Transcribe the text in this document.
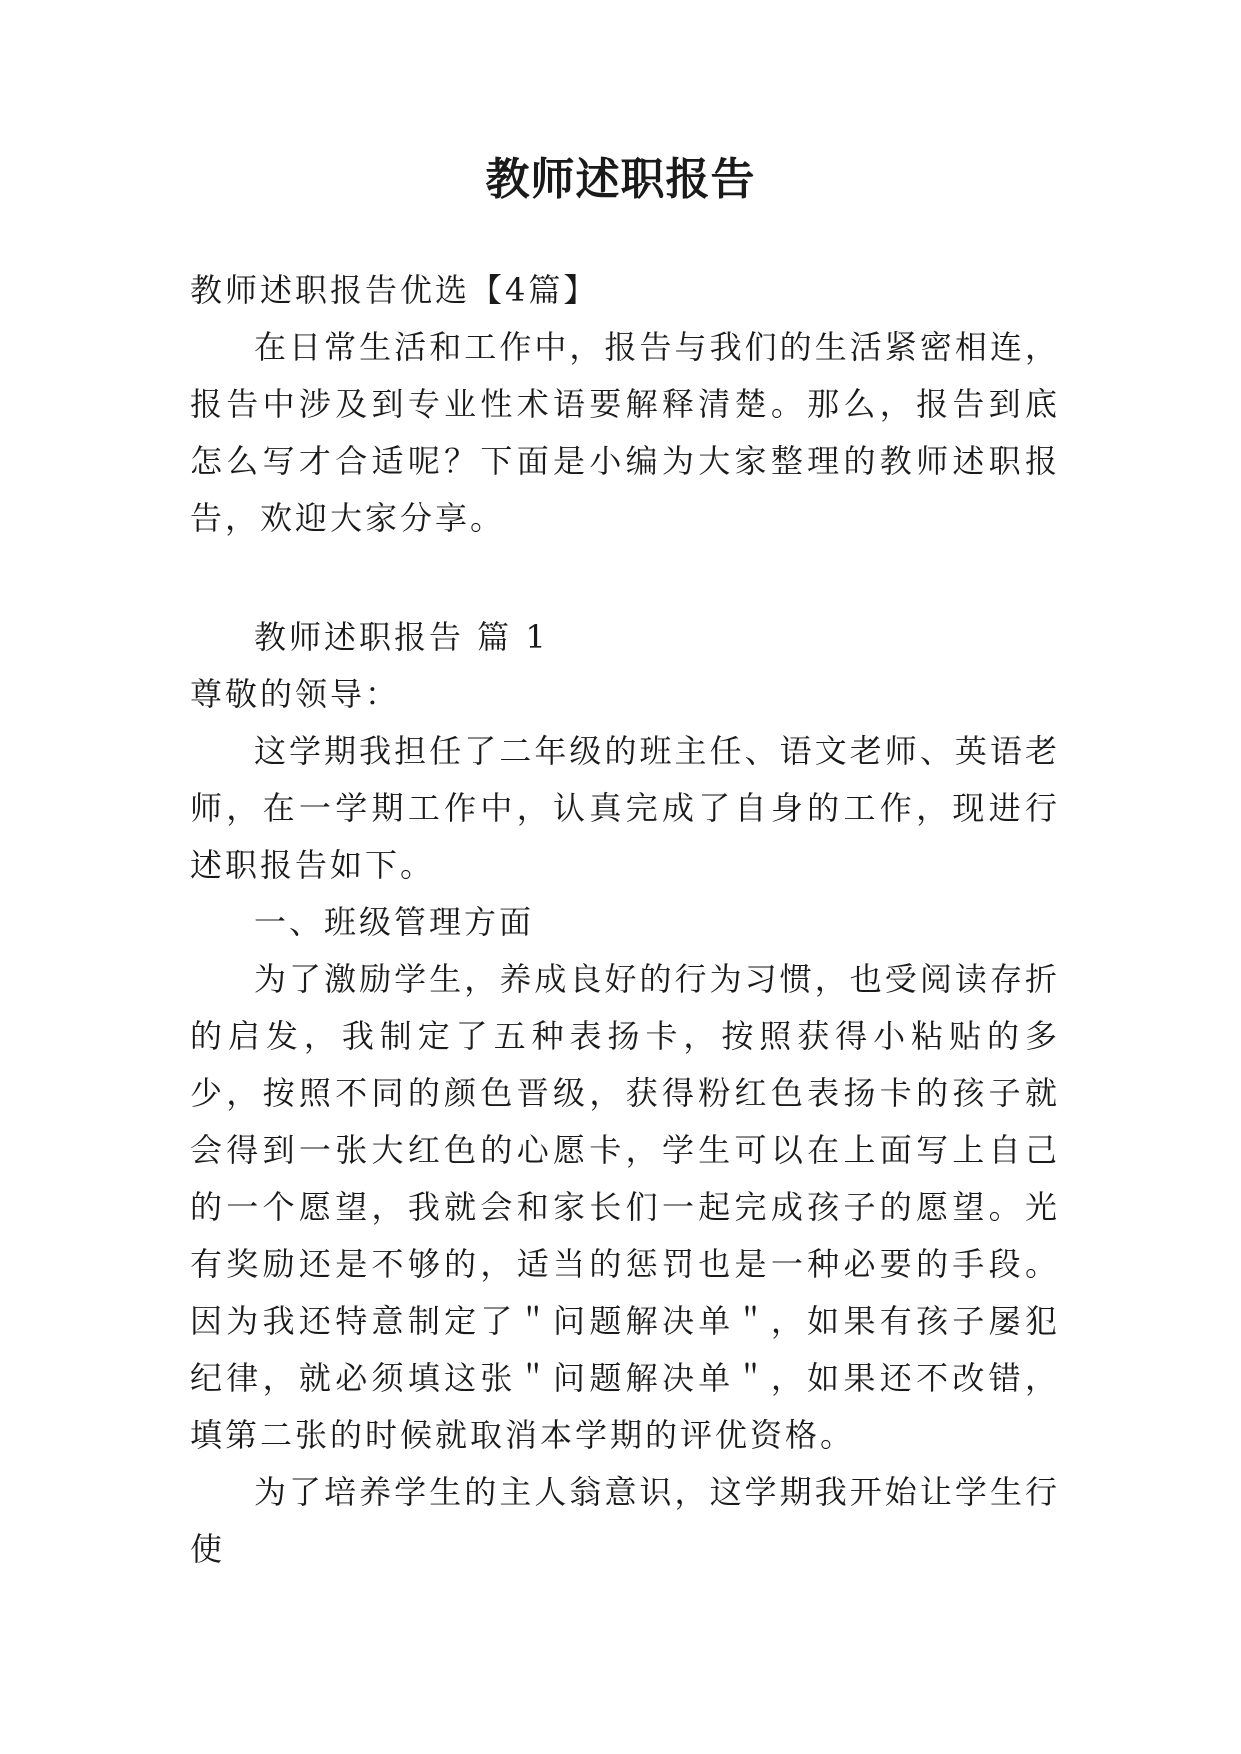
教师述职报告

教师述职报告优选【4篇】

在日常生活和工作中，报告与我们的生活紧密相连，报告中涉及到专业性术语要解释清楚。那么，报告到底怎么写才合适呢？下面是小编为大家整理的教师述职报告，欢迎大家分享。

教师述职报告 篇 1

尊敬的领导：

这学期我担任了二年级的班主任、语文老师、英语老师，在一学期工作中，认真完成了自身的工作，现进行述职报告如下。

一、班级管理方面

为了激励学生，养成良好的行为习惯，也受阅读存折的启发，我制定了五种表扬卡，按照获得小粘贴的多少，按照不同的颜色晋级，获得粉红色表扬卡的孩子就会得到一张大红色的心愿卡，学生可以在上面写上自己的一个愿望，我就会和家长们一起完成孩子的愿望。光有奖励还是不够的，适当的惩罚也是一种必要的手段。因为我还特意制定了＂问题解决单＂，如果有孩子屡犯纪律，就必须填这张＂问题解决单＂，如果还不改错，填第二张的时候就取消本学期的评优资格。

为了培养学生的主人翁意识，这学期我开始让学生行使
